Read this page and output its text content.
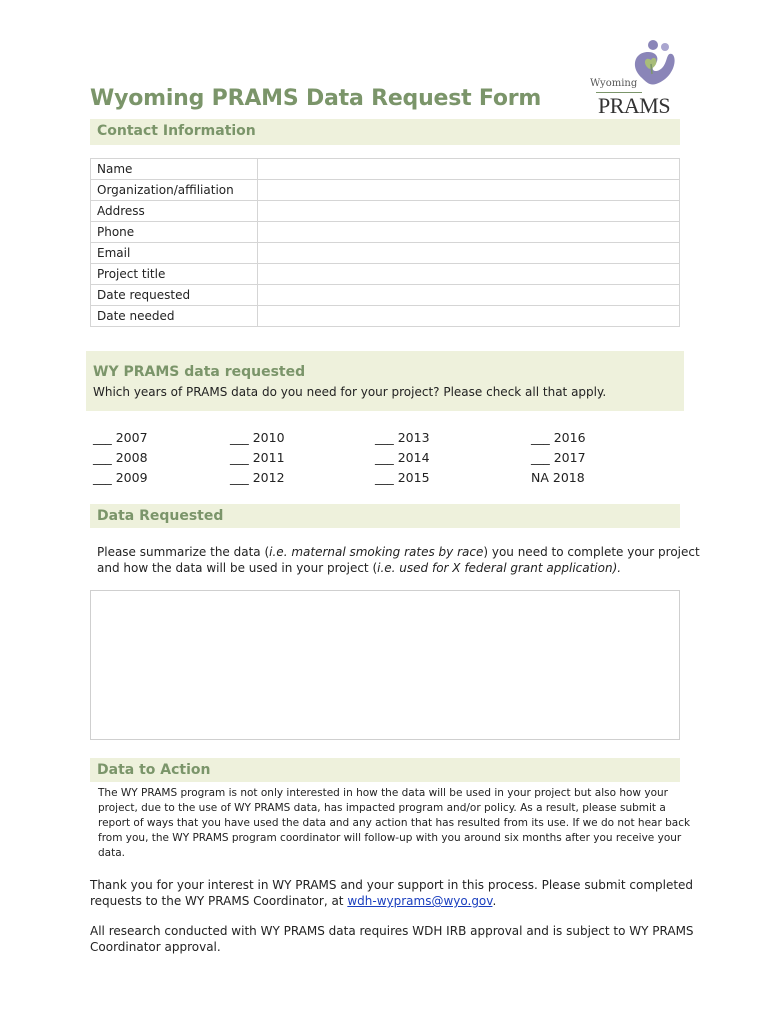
Wyoming PRAMS Data Request Form
Wyoming
PRAMS
Contact Information
Name	
Organization/affiliation	
Address	
Phone	
Email	
Project title	
Date requested	
Date needed	
WY PRAMS data requested
Which years of PRAMS data do you need for your project? Please check all that apply.
___ 2007	___ 2010	___ 2013	___ 2016
___ 2008	___ 2011	___ 2014	___ 2017
___ 2009	___ 2012	___ 2015	NA 2018
Data Requested
Please summarize the data (i.e. maternal smoking rates by race) you need to complete your project
and how the data will be used in your project (i.e. used for X federal grant application).
Data to Action
The WY PRAMS program is not only interested in how the data will be used in your project but also how your
project, due to the use of WY PRAMS data, has impacted program and/or policy. As a result, please submit a
report of ways that you have used the data and any action that has resulted from its use. If we do not hear back
from you, the WY PRAMS program coordinator will follow-up with you around six months after you receive your
data.
Thank you for your interest in WY PRAMS and your support in this process. Please submit completed
requests to the WY PRAMS Coordinator, at wdh-wyprams@wyo.gov.
All research conducted with WY PRAMS data requires WDH IRB approval and is subject to WY PRAMS
Coordinator approval.
